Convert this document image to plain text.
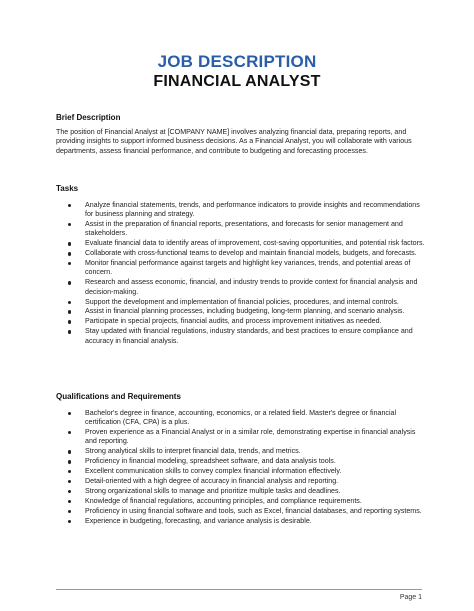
JOB DESCRIPTION
FINANCIAL ANALYST
Brief Description
The position of Financial Analyst at [COMPANY NAME] involves analyzing financial data, preparing reports, and providing insights to support informed business decisions. As a Financial Analyst, you will collaborate with various departments, assess financial performance, and contribute to budgeting and forecasting processes.
Tasks
Analyze financial statements, trends, and performance indicators to provide insights and recommendations for business planning and strategy.
Assist in the preparation of financial reports, presentations, and forecasts for senior management and stakeholders.
Evaluate financial data to identify areas of improvement, cost-saving opportunities, and potential risk factors.
Collaborate with cross-functional teams to develop and maintain financial models, budgets, and forecasts.
Monitor financial performance against targets and highlight key variances, trends, and potential areas of concern.
Research and assess economic, financial, and industry trends to provide context for financial analysis and decision-making.
Support the development and implementation of financial policies, procedures, and internal controls.
Assist in financial planning processes, including budgeting, long-term planning, and scenario analysis.
Participate in special projects, financial audits, and process improvement initiatives as needed.
Stay updated with financial regulations, industry standards, and best practices to ensure compliance and accuracy in financial analysis.
Qualifications and Requirements
Bachelor's degree in finance, accounting, economics, or a related field. Master's degree or financial certification (CFA, CPA) is a plus.
Proven experience as a Financial Analyst or in a similar role, demonstrating expertise in financial analysis and reporting.
Strong analytical skills to interpret financial data, trends, and metrics.
Proficiency in financial modeling, spreadsheet software, and data analysis tools.
Excellent communication skills to convey complex financial information effectively.
Detail-oriented with a high degree of accuracy in financial analysis and reporting.
Strong organizational skills to manage and prioritize multiple tasks and deadlines.
Knowledge of financial regulations, accounting principles, and compliance requirements.
Proficiency in using financial software and tools, such as Excel, financial databases, and reporting systems.
Experience in budgeting, forecasting, and variance analysis is desirable.
Page 1
